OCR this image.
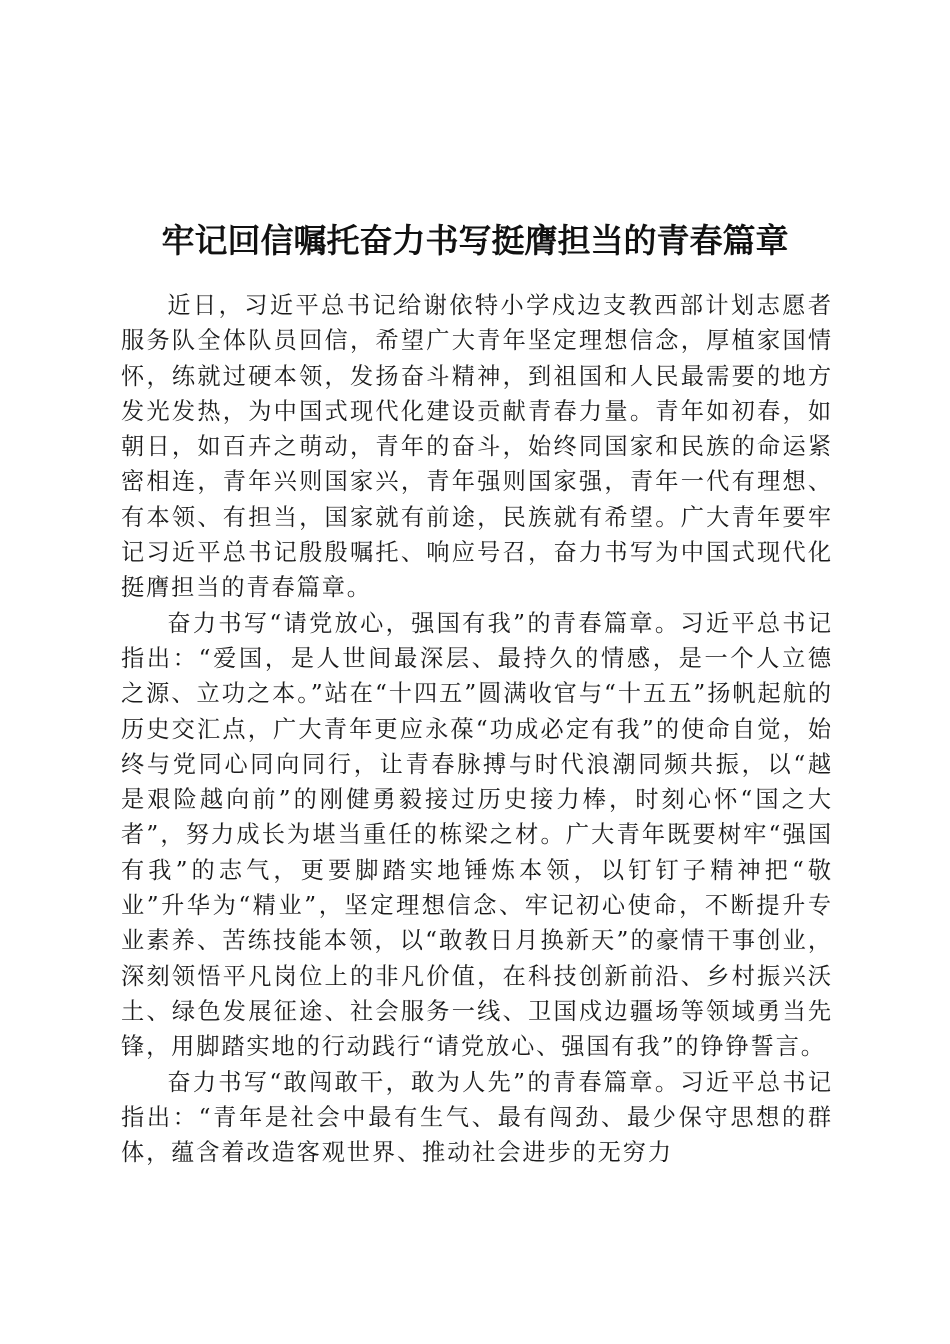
牢记回信嘱托奋力书写挺膺担当的青春篇章

近日，习近平总书记给谢依特小学戍边支教西部计划志愿者服务队全体队员回信，希望广大青年坚定理想信念，厚植家国情怀，练就过硬本领，发扬奋斗精神，到祖国和人民最需要的地方发光发热，为中国式现代化建设贡献青春力量。青年如初春，如朝日，如百卉之萌动，青年的奋斗，始终同国家和民族的命运紧密相连，青年兴则国家兴，青年强则国家强，青年一代有理想、有本领、有担当，国家就有前途，民族就有希望。广大青年要牢记习近平总书记殷殷嘱托、响应号召，奋力书写为中国式现代化挺膺担当的青春篇章。

奋力书写“请党放心，强国有我”的青春篇章。习近平总书记指出：“爱国，是人世间最深层、最持久的情感，是一个人立德之源、立功之本。”站在“十四五”圆满收官与“十五五”扬帆起航的历史交汇点，广大青年更应永葆“功成必定有我”的使命自觉，始终与党同心同向同行，让青春脉搏与时代浪潮同频共振，以“越是艰险越向前”的刚健勇毅接过历史接力棒，时刻心怀“国之大者”，努力成长为堪当重任的栋梁之材。广大青年既要树牢“强国有我”的志气，更要脚踏实地锤炼本领，以钉钉子精神把“敬业”升华为“精业”，坚定理想信念、牢记初心使命，不断提升专业素养、苦练技能本领，以“敢教日月换新天”的豪情干事创业，深刻领悟平凡岗位上的非凡价值，在科技创新前沿、乡村振兴沃土、绿色发展征途、社会服务一线、卫国戍边疆场等领域勇当先锋，用脚踏实地的行动践行“请党放心、强国有我”的铮铮誓言。

奋力书写“敢闯敢干，敢为人先”的青春篇章。习近平总书记指出：“青年是社会中最有生气、最有闯劲、最少保守思想的群体，蕴含着改造客观世界、推动社会进步的无穷力
